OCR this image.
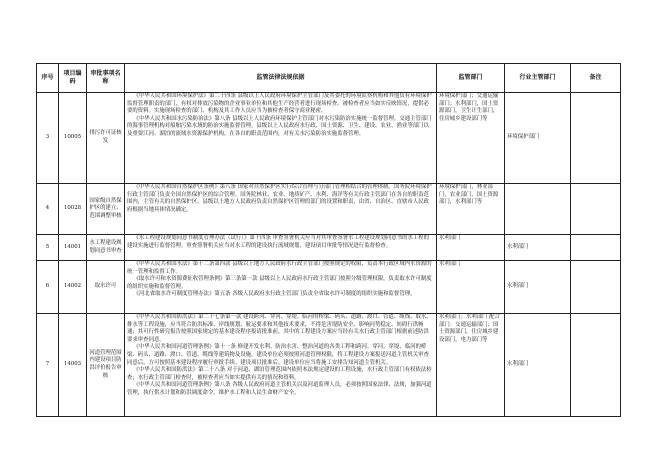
序号	项目编码	审批事项名称	监管法律法规依据	监管部门	行业主管部门	备注
3	10005	排污许可证核发	《中华人民共和国环境保护法》第二十四条 县级以上人民政府环境保护主管部门及其委托的环境监察机构和其他负有环境保护监督管理职责的部门，有权对排放污染物的企业事业单位和其他生产经营者进行现场检查。被检查者应当如实反映情况，提供必要的资料。实施现场检查的部门、机构及其工作人员应当为被检查者保守商业秘密。

《中华人民共和国水污染防治法》第八条 县级以上人民政府环境保护主管部门对水污染防治实施统一监督管理。交通主管部门的海事管理机构对船舶污染水域的防治实施监督管理。县级以上人民政府水行政、国土资源、卫生、建设、农业、渔业等部门以及重要江河、湖泊的流域水资源保护机构，在各自的职责范围内，对有关水污染防治实施监督管理。	环境保护部门；交通运输部门；水利部门，国土资源部门，卫生计生部门，住房城乡建设部门等	环境保护部门	
4	10028	国家级自然保护区的建立、范围调整审核	《中华人民共和国自然保护区条例》第八条 国家对自然保护区实行综合管理与分部门管理相结合的管理体制。国务院环境保护行政主管部门负责全国自然保护区的综合管理。国务院林业、农业、地质矿产、水利、海洋等有关行政主管部门在各自的职责范围内，主管有关的自然保护区。县级以上地方人民政府负责自然保护区管理的部门的设置和职责，由省、自治区、直辖市人民政府根据当地具体情况确定。	环境保护部门，林业部门，农业部门，国土资源部门，水利部门等		

5	14001	水工程建设规划同意书审查	《水工程建设规划同意书制度管理办法（试行）》第十四条 审查签署机关应当对其审查签署水工程建设规划同意书的水工程的建设实施进行监督管理。审查签署机关应当对水工程的建设执行流域规划、建设项目审批等情况进行监督检查。	水利部门	水利部门	
6	14002	取水许可	《中华人民共和国水法》第十二条第四款 县级以上地方人民政府水行政主管部门按照规定的权限，负责本行政区域内水资源的统一管理和监督工作。

《取水许可和水资源费征收管理条例》第三条第一款 县级以上人民政府水行政主管部门按照分级管理权限，负责取水许可制度的组织实施和监督管理。

《河北省取水许可制度管理办法》第五条 各级人民政府水行政主管部门负责全省取水许可制度的组织实施和监督管理。	水利部门	水利部门	
7	14003	河道管理范围内建设项目防洪评价报告审核	《中华人民共和国防洪法》第二十七条第一款 建设跨河、穿河、穿堤、临河的桥梁、码头、道路、渡口、管道、缆线、取水、排水等工程设施，应当符合防洪标准、岸线规划、航运要求和其他技术要求，不得危害堤防安全、影响河势稳定、妨碍行洪畅通；其可行性研究报告按照国家规定的基本建设程序报请批准前，其中的工程建设方案应当经有关水行政主管部门根据前述防洪要求审查同意。

《中华人民共和国河道管理条例》第十一条 修建开发水利、防治水害、整治河道的各类工程和跨河、穿河、穿堤、临河的桥梁、码头、道路、渡口、管道、缆线等建筑物及设施，建设单位必须按照河道管理权限，将工程建设方案报送河道主管机关审查同意后，方可按照基本建设程序履行审批手续。建设项目批准后，建设单位应当将施工安排告知河道主管机关。

《中华人民共和国防洪法》第二十八条 对于河道、湖泊管理范围内依照本法规定建设的工程设施，水行政主管部门有权依法检查；水行政主管部门检查时，被检查者应当如实提供有关的情况和资料。

《中华人民共和国河道管理条例》第八条 各级人民政府河道主管机关以及河道监理人员，必须按照国家法律、法规，加强河道管理，执行供水计划和防洪调度命令，维护水工程和人民生命财产安全。	水利部门；水利部门 配合部门：交通运输部门；国土资源部门，住房城乡建设部门，电力部门等	水利部门	
